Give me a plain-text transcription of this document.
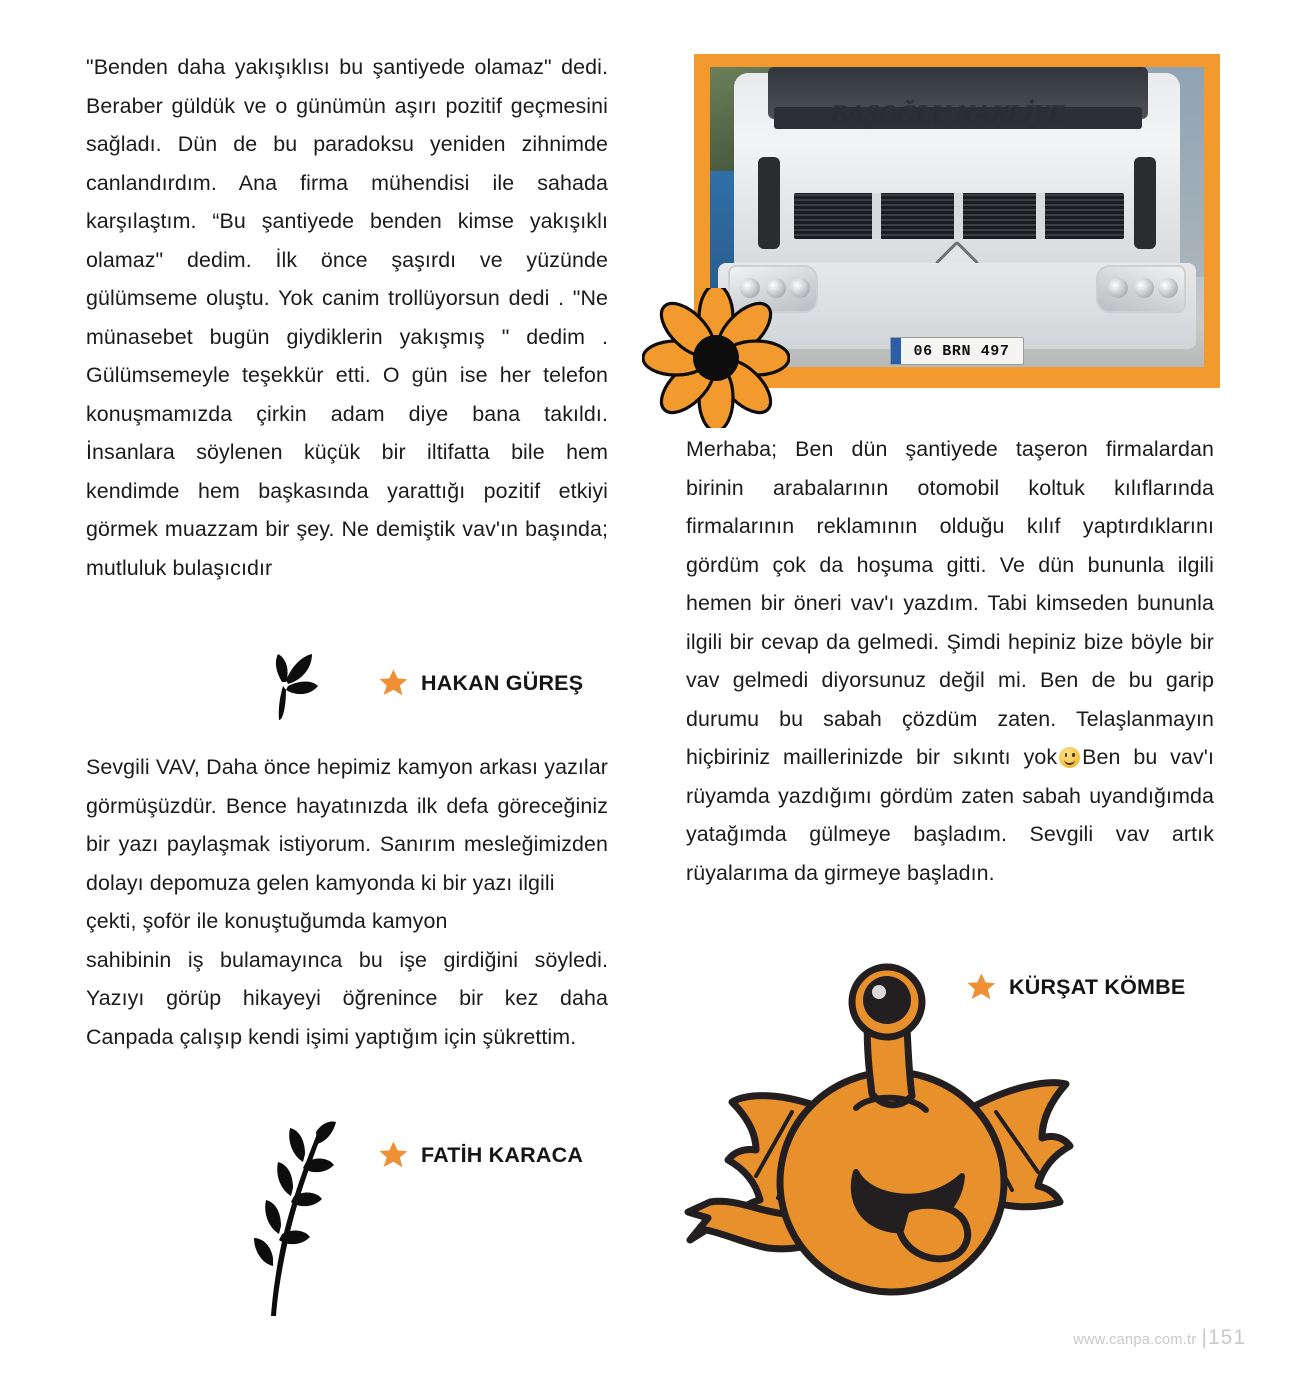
"Benden daha yakışıklısı bu şantiyede olamaz" dedi. Beraber güldük ve o günümün aşırı pozitif geçmesini sağladı. Dün de bu paradoksu yeniden zihnimde canlandırdım. Ana firma mühendisi ile sahada karşılaştım. “Bu şantiyede benden kimse yakışıklı olamaz" dedim. İlk önce şaşırdı ve yüzünde gülümseme oluştu. Yok canim trollüyorsun dedi . "Ne münasebet bugün giydiklerin yakışmış " dedim . Gülümsemeyle teşekkür etti. O gün ise her telefon konuşmamızda çirkin adam diye bana takıldı. İnsanlara söylenen küçük bir iltifatta bile hem kendimde hem başkasında yarattığı pozitif etkiyi görmek muazzam bir şey. Ne demiştik vav'ın başında; mutluluk bulaşıcıdır

HAKAN GÜREŞ

Sevgili VAV, Daha önce hepimiz kamyon arkası yazılar görmüşüzdür. Bence hayatınızda ilk defa göreceğiniz bir yazı paylaşmak istiyorum. Sanırım mesleğimizden dolayı depomuza gelen kamyonda ki bir yazı ilgili

çekti, şoför ile konuştuğumda kamyon

sahibinin iş bulamayınca bu işe girdiğini söyledi. Yazıyı görüp hikayeyi öğrenince bir kez daha Canpada çalışıp kendi işimi yaptığım için şükrettim.

FATİH KARACA
BAŞOĞLU NAKLİYE
06 BRN 497

Merhaba; Ben dün şantiyede taşeron firmalardan birinin arabalarının otomobil koltuk kılıflarında firmalarının reklamının olduğu kılıf yaptırdıklarını gördüm çok da hoşuma gitti. Ve dün bununla ilgili hemen bir öneri vav'ı yazdım. Tabi kimseden bununla ilgili bir cevap da gelmedi. Şimdi hepiniz bize böyle bir vav gelmedi diyorsunuz değil mi. Ben de bu garip durumu bu sabah çözdüm zaten. Telaşlanmayın hiçbiriniz maillerinizde bir sıkıntı yok Ben bu vav'ı rüyamda yazdığımı gördüm zaten sabah uyandığımda yatağımda gülmeye başladım. Sevgili vav artık rüyalarıma da girmeye başladın.

KÜRŞAT KÖMBE
www.canpa.com.tr |151
